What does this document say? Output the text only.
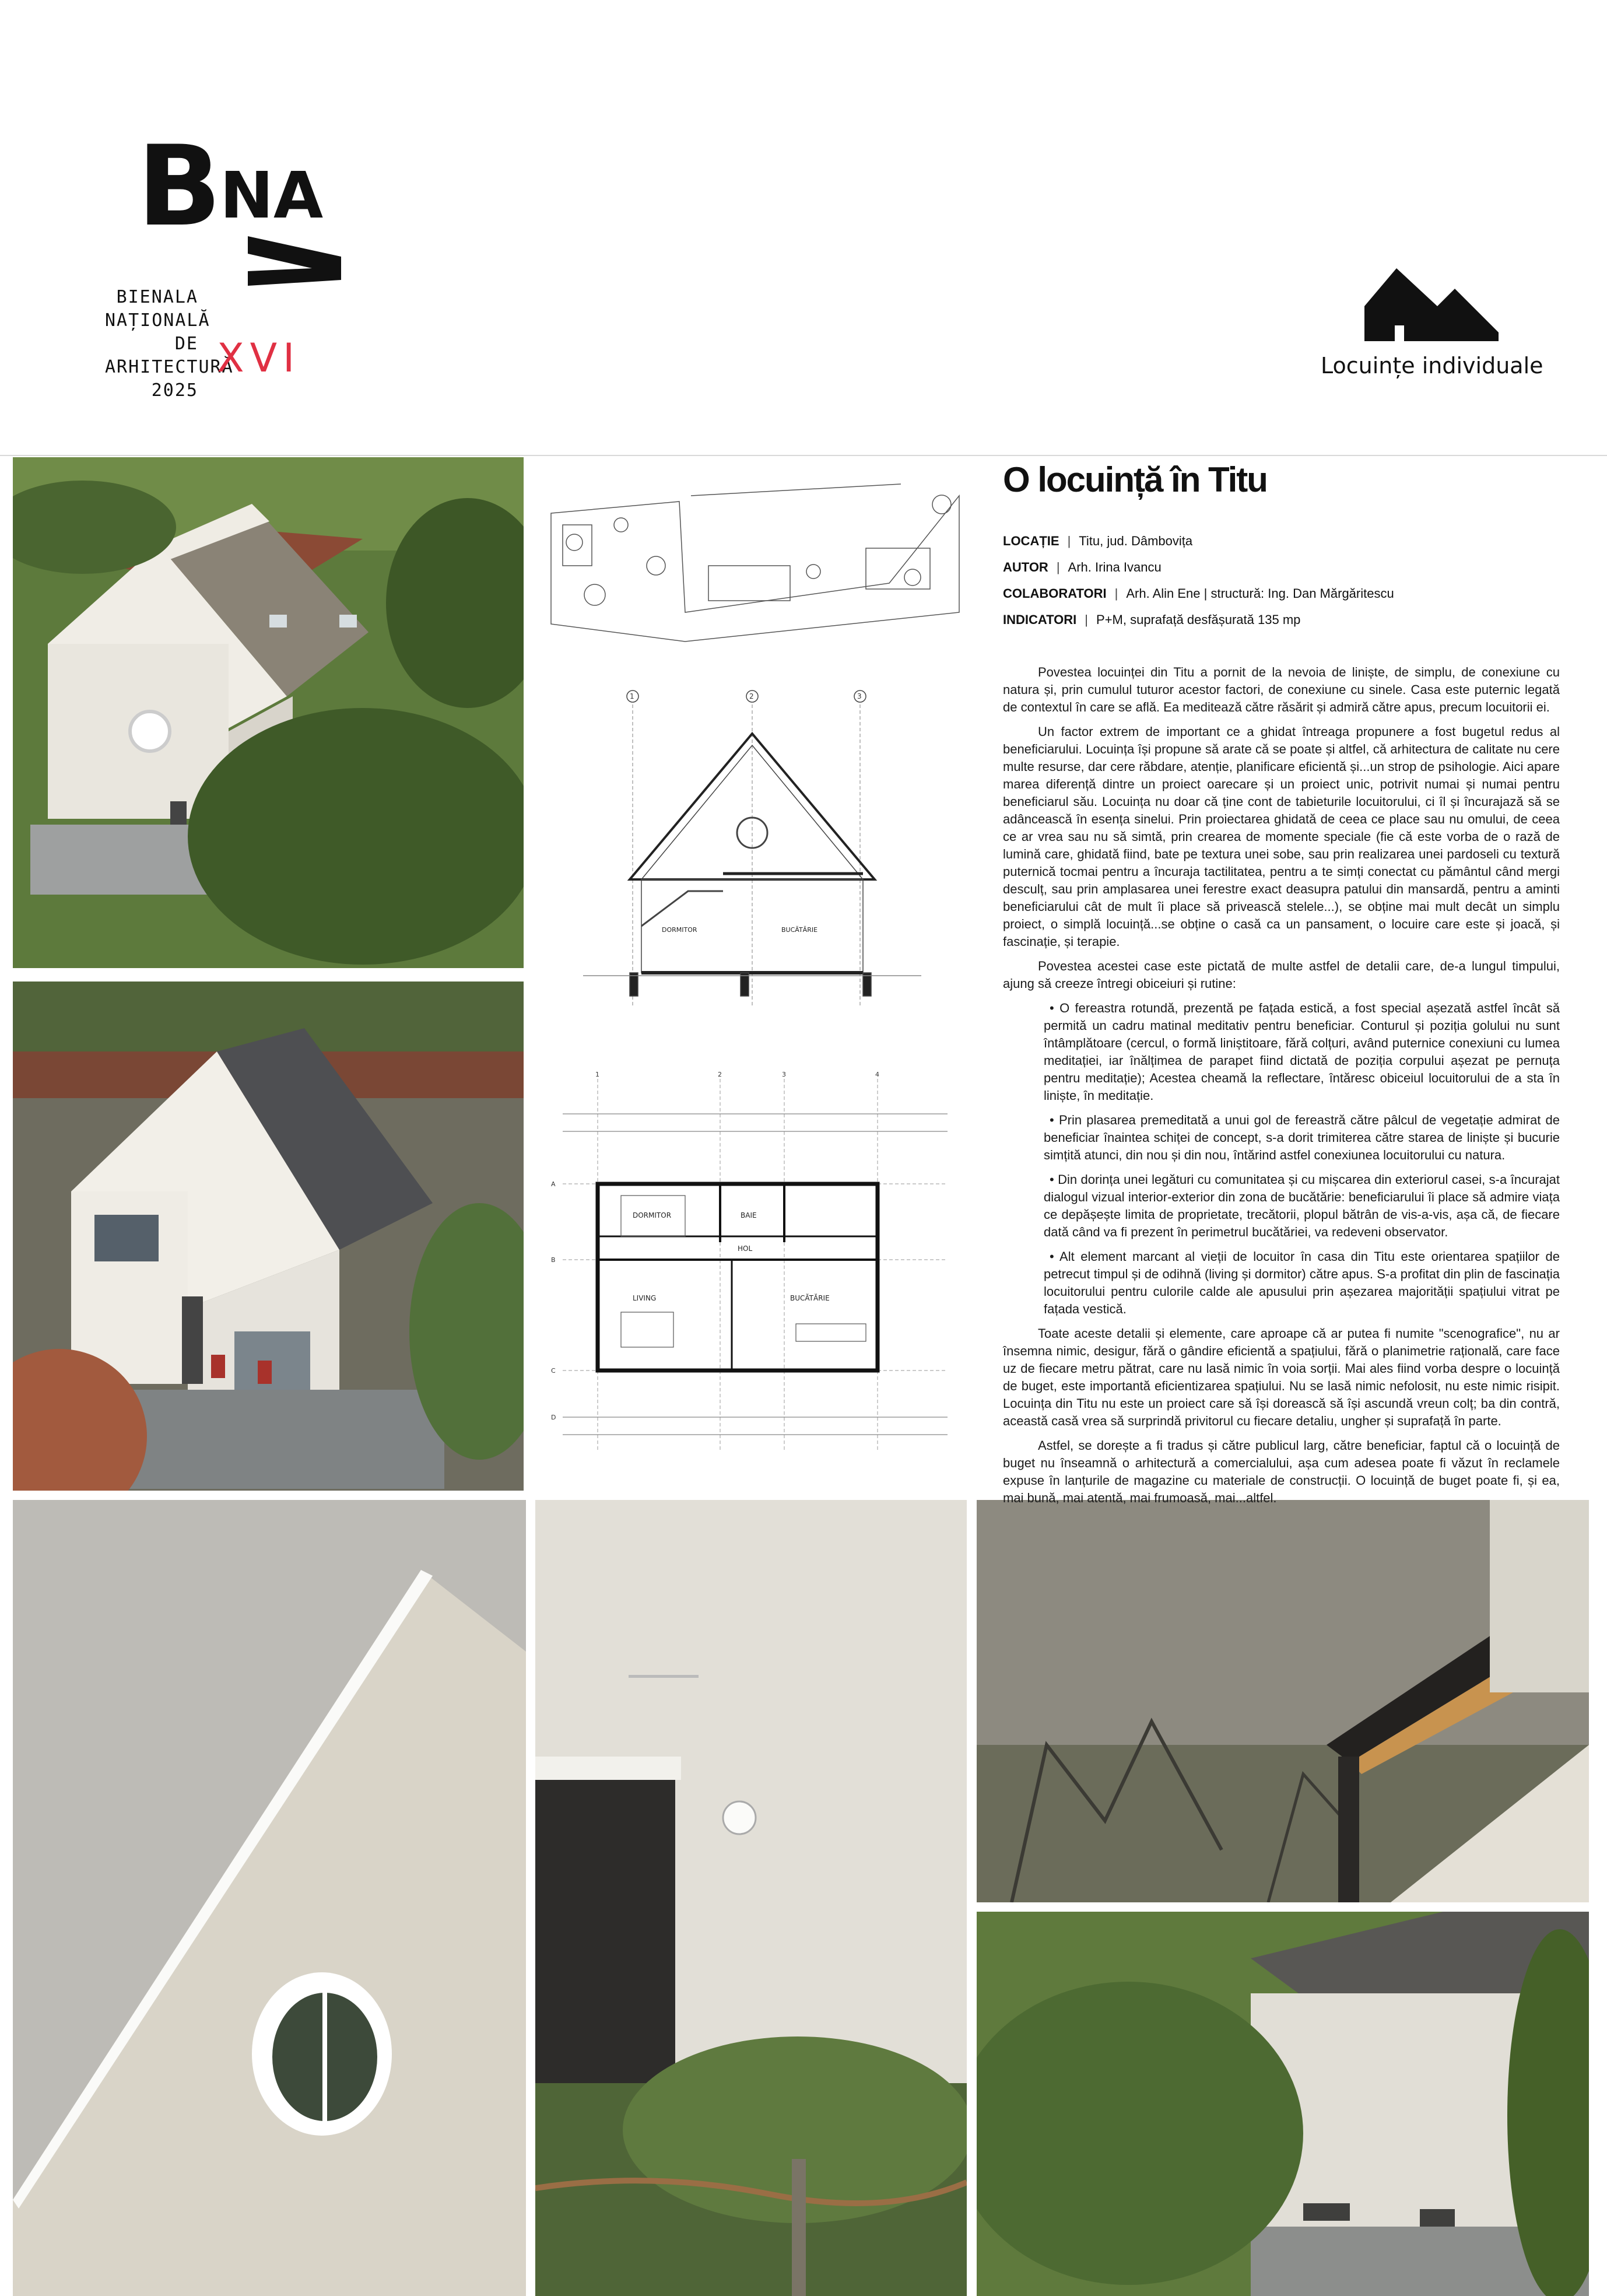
B NA
BIENALA
NAȚIONALĂ
DE
ARHITECTURĂ
2025
XVI	Locuințe individuale
1	2	3
DORMITOR	BUCĂTĂRIE
DORMITOR	BAIE
HOL
LIVING	BUCĂTĂRIE
1	2	3	4
A
B
C
D
O locuință în Titu
LOCAȚIE | Titu, jud. Dâmbovița
AUTOR | Arh. Irina Ivancu
COLABORATORI | Arh. Alin Ene | structură: Ing. Dan Mărgăritescu
INDICATORI | P+M, suprafață desfășurată 135 mp

Povestea locuinței din Titu a pornit de la nevoia de liniște, de simplu, de conexiune cu natura și, prin cumulul tuturor acestor factori, de conexiune cu sinele. Casa este puternic legată de contextul în care se află. Ea meditează către răsărit și admiră către apus, precum locuitorii ei.

Un factor extrem de important ce a ghidat întreaga propunere a fost bugetul redus al beneficiarului. Locuința își propune să arate că se poate și altfel, că arhitectura de calitate nu cere multe resurse, dar cere răbdare, atenție, planificare eficientă și...un strop de psihologie. Aici apare marea diferență dintre un proiect oarecare și un proiect unic, potrivit numai și numai pentru beneficiarul său. Locuința nu doar că ține cont de tabieturile locuitorului, ci îl și încurajază să se adâncească în esența sinelui. Prin proiectarea ghidată de ceea ce place sau nu omului, de ceea ce ar vrea sau nu să simtă, prin crearea de momente speciale (fie că este vorba de o rază de lumină care, ghidată fiind, bate pe textura unei sobe, sau prin realizarea unei pardoseli cu textură puternică tocmai pentru a încuraja tactilitatea, pentru a te simți conectat cu pământul când mergi desculț, sau prin amplasarea unei ferestre exact deasupra patului din mansardă, pentru a aminti beneficiarului cât de mult îi place să privească stelele...), se obține mai mult decât un simplu proiect, o simplă locuință...se obține o casă ca un pansament, o locuire care este și joacă, și fascinație, și terapie.

Povestea acestei case este pictată de multe astfel de detalii care, de-a lungul timpului, ajung să creeze întregi obiceiuri și rutine:

• O fereastra rotundă, prezentă pe fațada estică, a fost special așezată astfel încât să permită un cadru matinal meditativ pentru beneficiar. Conturul și poziția golului nu sunt întâmplătoare (cercul, o formă liniștitoare, fără colțuri, având puternice conexiuni cu lumea meditației, iar înălțimea de parapet fiind dictată de poziția corpului așezat pe pernuța pentru meditație); Acestea cheamă la reflectare, întăresc obiceiul locuitorului de a sta în liniște, în meditație.
• Prin plasarea premeditată a unui gol de fereastră către pâlcul de vegetație admirat de beneficiar înaintea schiței de concept, s-a dorit trimiterea către starea de liniște și bucurie simțită atunci, din nou și din nou, întărind astfel conexiunea locuitorului cu natura.
• Din dorința unei legături cu comunitatea și cu mișcarea din exteriorul casei, s-a încurajat dialogul vizual interior-exterior din zona de bucătărie: beneficiarului îi place să admire viața ce depășește limita de proprietate, trecătorii, plopul bătrân de vis-a-vis, așa că, de fiecare dată când va fi prezent în perimetrul bucătăriei, va redeveni observator.
• Alt element marcant al vieții de locuitor în casa din Titu este orientarea spațiilor de petrecut timpul și de odihnă (living și dormitor) către apus. S-a profitat din plin de fascinația locuitorului pentru culorile calde ale apusului prin așezarea majorității spațiului vitrat pe fațada vestică.

Toate aceste detalii și elemente, care aproape că ar putea fi numite "scenografice", nu ar însemna nimic, desigur, fără o gândire eficientă a spațiului, fără o planimetrie rațională, care face uz de fiecare metru pătrat, care nu lasă nimic în voia sorții. Mai ales fiind vorba despre o locuință de buget, este importantă eficientizarea spațiului. Nu se lasă nimic nefolosit, nu este nimic risipit. Locuința din Titu nu este un proiect care să își dorească să își ascundă vreun colț; ba din contră, această casă vrea să surprindă privitorul cu fiecare detaliu, ungher și suprafață în parte.

Astfel, se dorește a fi tradus și către publicul larg, către beneficiar, faptul că o locuință de buget nu înseamnă o arhitectură a comercialului, așa cum adesea poate fi văzut în reclamele expuse în lanțurile de magazine cu materiale de construcții. O locuință de buget poate fi, și ea, mai bună, mai atentă, mai frumoasă, mai...altfel.
